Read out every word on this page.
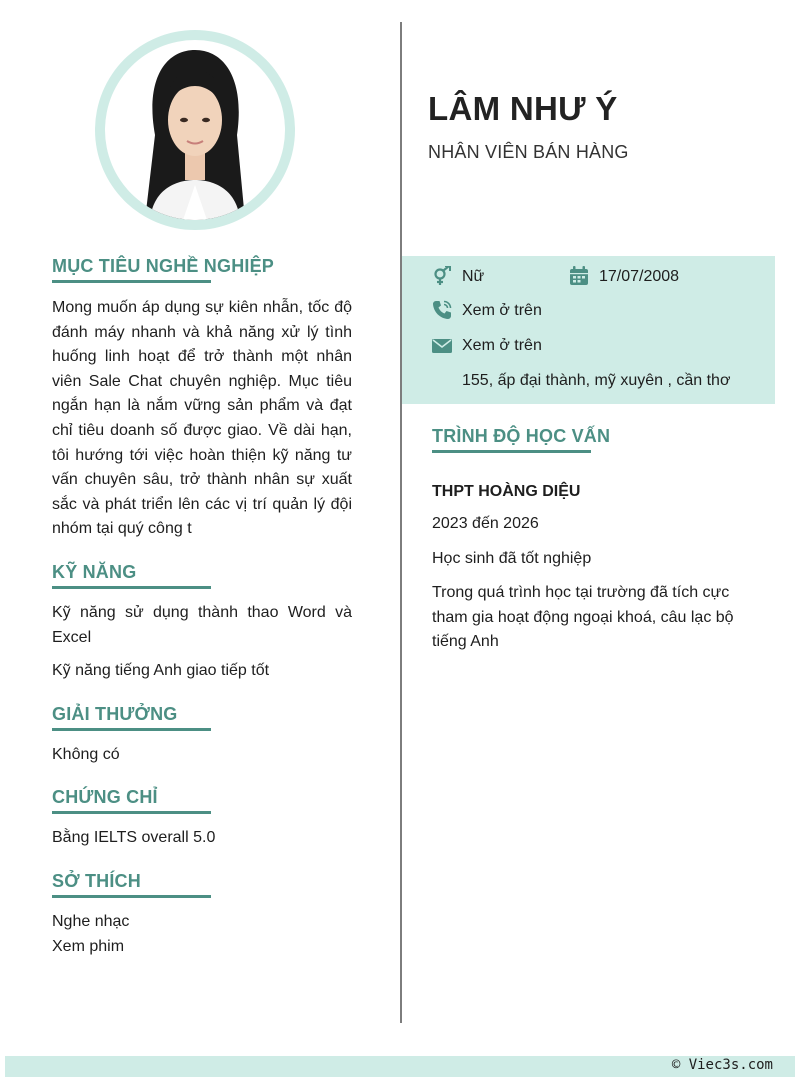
MỤC TIÊU NGHỀ NGHIỆP
Mong muốn áp dụng sự kiên nhẫn, tốc độ đánh máy nhanh và khả năng xử lý tình huống linh hoạt để trở thành một nhân viên Sale Chat chuyên nghiệp. Mục tiêu ngắn hạn là nắm vững sản phẩm và đạt chỉ tiêu doanh số được giao. Về dài hạn, tôi hướng tới việc hoàn thiện kỹ năng tư vấn chuyên sâu, trở thành nhân sự xuất sắc và phát triển lên các vị trí quản lý đội nhóm tại quý công t
KỸ NĂNG
Kỹ năng sử dụng thành thao Word và Excel
Kỹ năng tiếng Anh giao tiếp tốt
GIẢI THƯỞNG
Không có
CHỨNG CHỈ
Bằng IELTS overall 5.0
SỞ THÍCH
Nghe nhạc
Xem phim
LÂM NHƯ Ý
NHÂN VIÊN BÁN HÀNG
Nữ	17/07/2008
Xem ở trên
Xem ở trên
155, ấp đại thành, mỹ xuyên , cần thơ
TRÌNH ĐỘ HỌC VẤN
THPT HOÀNG DIỆU
2023 đến 2026
Học sinh đã tốt nghiệp
Trong quá trình học tại trường đã tích cực tham gia hoạt động ngoại khoá, câu lạc bộ tiếng Anh
© Viec3s.com
